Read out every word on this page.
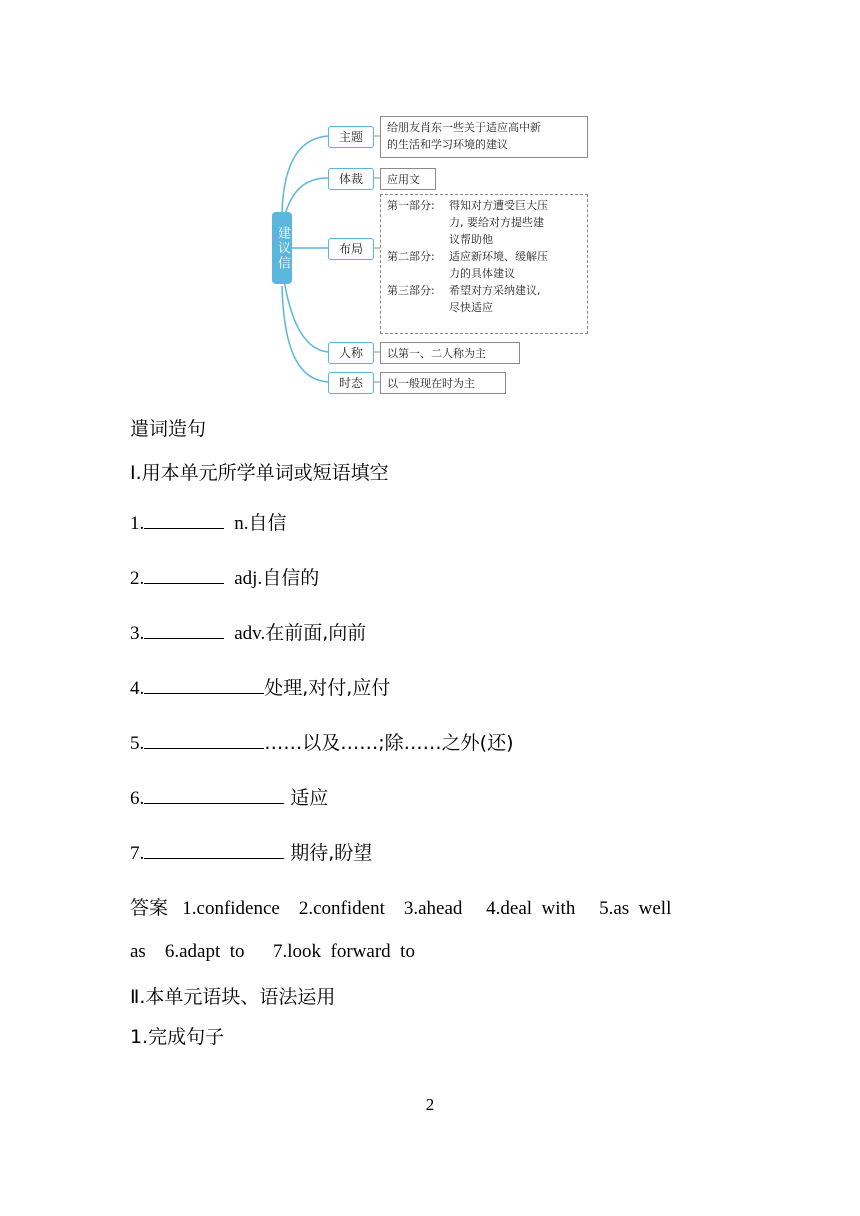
建议信
主题
给朋友肖东一些关于适应高中新
的生活和学习环境的建议
体裁	应用文
布局
第一部分:	得知对方遭受巨大压
力, 要给对方提些建
议帮助他
第二部分:	适应新环境、缓解压
力的具体建议
第三部分:	希望对方采纳建议,
尽快适应
人称	以第一、二人称为主
时态	以一般现在时为主
遣词造句
Ⅰ.用本单元所学单词或短语填空
1.	n.自信
2.	adj.自信的
3.	adv.在前面,向前
4.	处理,对付,应付
5.	……以及……;除……之外(还)
6.	适应
7.	期待,盼望
答案 1.confidence    2.confident    3.ahead     4.deal  with     5.as  well
as    6.adapt  to      7.look  forward  to
Ⅱ.本单元语块、语法运用
1.完成句子
2
